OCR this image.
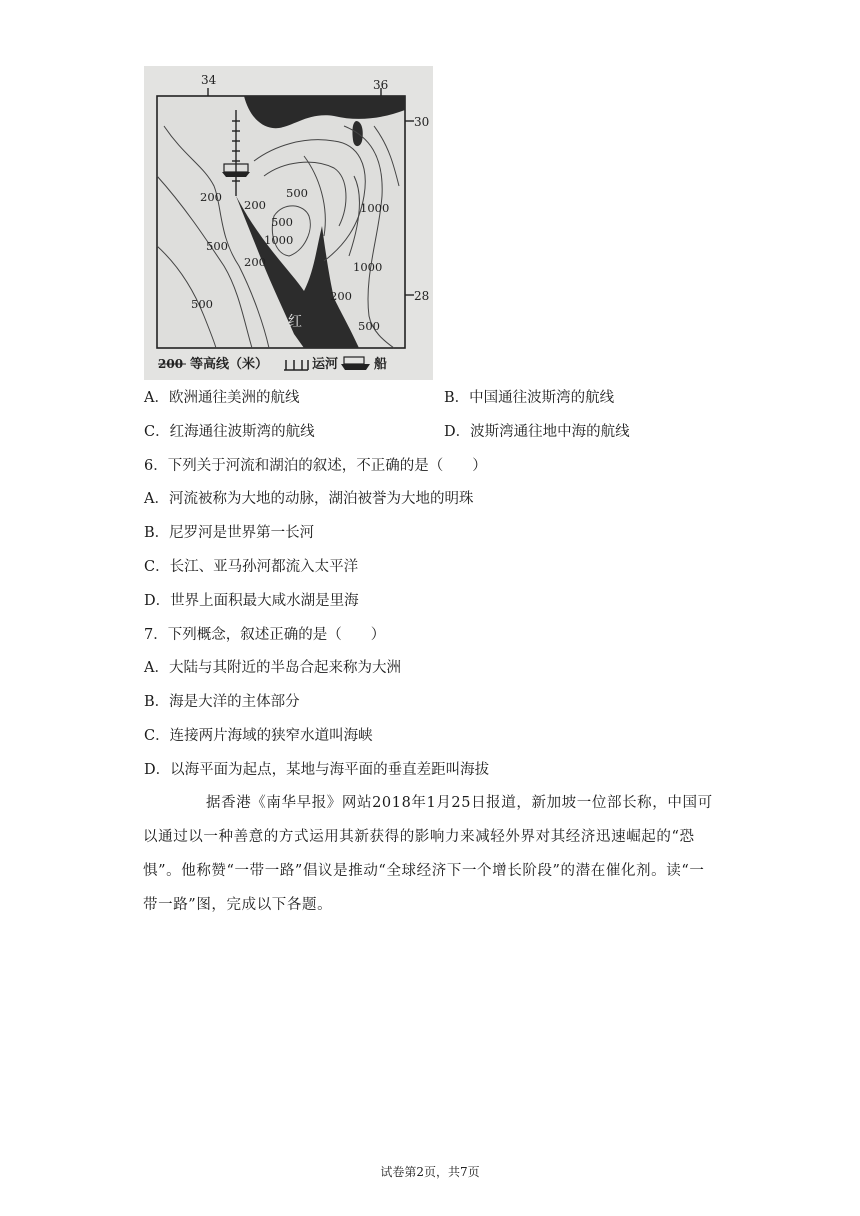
34	36
30
28
200	500
1000
200
500
1000
500
200
1000
200
500
500
红
200 等高线（米）	运河	船
A．欧洲通往美洲的航线	B．中国通往波斯湾的航线
C．红海通往波斯湾的航线	D．波斯湾通往地中海的航线
6．下列关于河流和湖泊的叙述，不正确的是（　　）
A．河流被称为大地的动脉，湖泊被誉为大地的明珠
B．尼罗河是世界第一长河
C．长江、亚马孙河都流入太平洋
D．世界上面积最大咸水湖是里海
7．下列概念，叙述正确的是（　　）
A．大陆与其附近的半岛合起来称为大洲
B．海是大洋的主体部分
C．连接两片海域的狭窄水道叫海峡
D．以海平面为起点，某地与海平面的垂直差距叫海拔
据香港《南华早报》网站2018年1月25日报道，新加坡一位部长称，中国可以通过以一种善意的方式运用其新获得的影响力来减轻外界对其经济迅速崛起的“恐惧”。他称赞“一带一路”倡议是推动“全球经济下一个增长阶段”的潜在催化剂。读“一带一路”图，完成以下各题。
试卷第2页，共7页
